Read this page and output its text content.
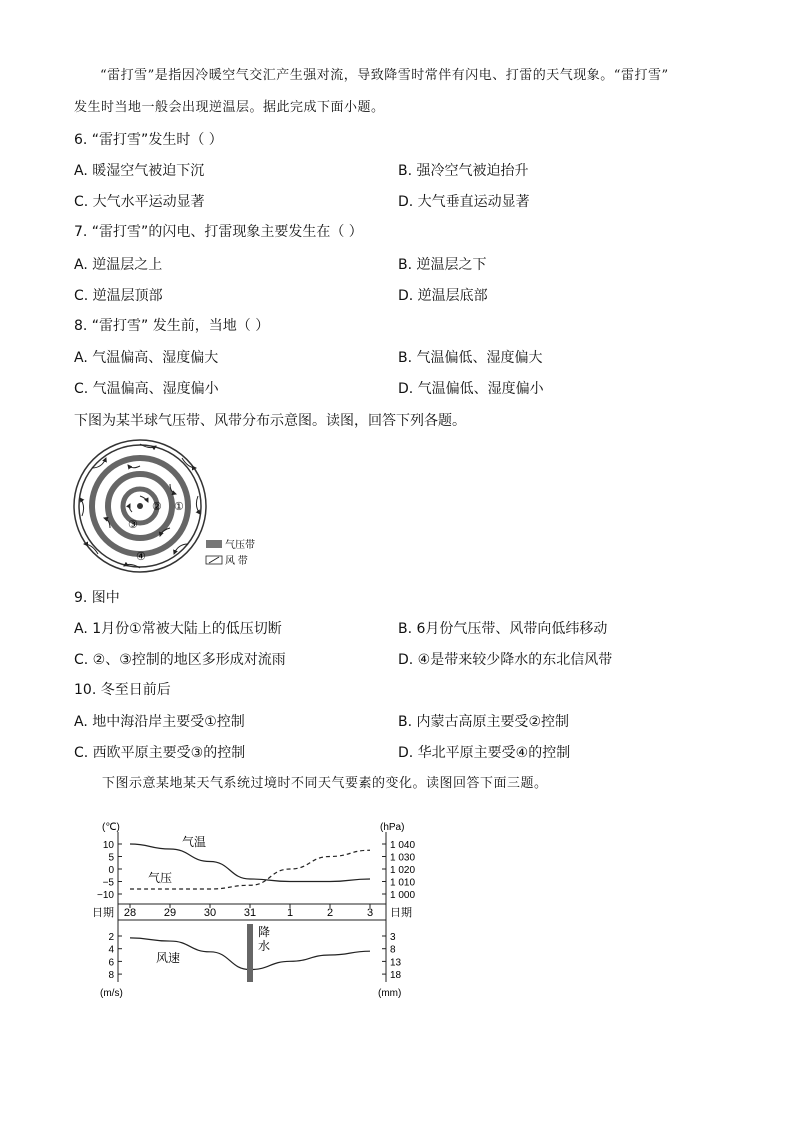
“雷打雪”是指因冷暖空气交汇产生强对流，导致降雪时常伴有闪电、打雷的天气现象。“雷打雪”
发生时当地一般会出现逆温层。据此完成下面小题。
6. “雷打雪”发生时（ ）
A. 暖湿空气被迫下沉	B. 强冷空气被迫抬升
C. 大气水平运动显著	D. 大气垂直运动显著
7. “雷打雪”的闪电、打雷现象主要发生在（ ）
A. 逆温层之上	B. 逆温层之下
C. 逆温层顶部	D. 逆温层底部
8. “雷打雪” 发生前，当地（ ）
A. 气温偏高、湿度偏大	B. 气温偏低、湿度偏大
C. 气温偏高、湿度偏小	D. 气温偏低、湿度偏小
下图为某半球气压带、风带分布示意图。读图，回答下列各题。
①
②
③
④
气压带
风 带
9. 图中
A. 1月份①常被大陆上的低压切断	B. 6月份气压带、风带向低纬移动
C. ②、③控制的地区多形成对流雨	D. ④是带来较少降水的东北信风带
10. 冬至日前后
A. 地中海沿岸主要受①控制	B. 内蒙古高原主要受②控制
C. 西欧平原主要受③的控制	D. 华北平原主要受④的控制
下图示意某地某天气系统过境时不同天气要素的变化。读图回答下面三题。
(℃)	(hPa)
(m/s)	(mm)
10
5
0
−5
−10
1 040
1 030
1 020
1 010
1 000
2
4
6
8
3
8
13
18
日期	日期
28	29	30	31	1	2	3
气温
气压
风速
降
水
